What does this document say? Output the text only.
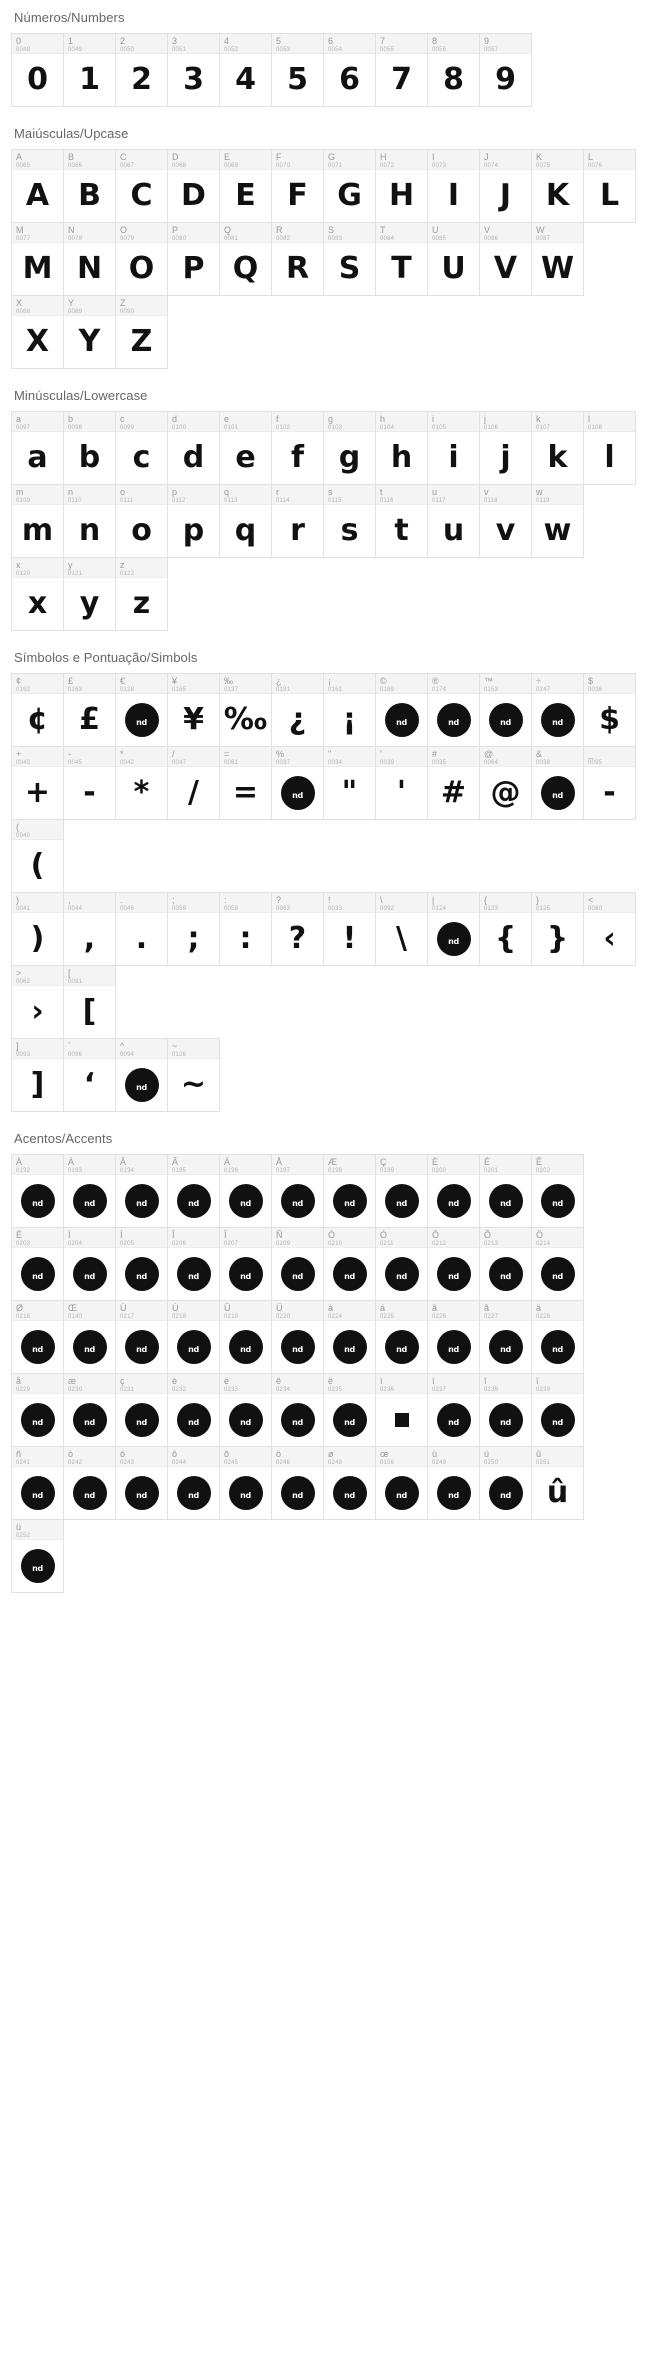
Números/Numbers
0
0048
0
1
0049
1
2
0050
2
3
0051
3
4
0052
4
5
0053
5
6
0054
6
7
0055
7
8
0056
8
9
0057
9
Maiúsculas/Upcase
A
0065
A
B
0066
B
C
0067
C
D
0068
D
E
0069
E
F
0070
F
G
0071
G
H
0072
H
I
0073
I
J
0074
J
K
0075
K
L
0076
L
M
0077
M
N
0078
N
O
0079
O
P
0080
P
Q
0081
Q
R
0082
R
S
0083
S
T
0084
T
U
0085
U
V
0086
V
W
0087
W
X
0088
X
Y
0089
Y
Z
0090
Z
Minúsculas/Lowercase
a
0097
a
b
0098
b
c
0099
c
d
0100
d
e
0101
e
f
0102
f
g
0103
g
h
0104
h
i
0105
i
j
0106
j
k
0107
k
l
0108
l
m
0109
m
n
0110
n
o
0111
o
p
0112
p
q
0113
q
r
0114
r
s
0115
s
t
0116
t
u
0117
u
v
0118
v
w
0119
w
x
0120
x
y
0121
y
z
0122
z
Símbolos e Pontuação/Simbols
¢
0162
¢
£
0163
£
€
0128
¥
0165
¥
‰
0137
‰
¿
0191
¿
¡
0161
¡
©
0169
®
0174
™
0153
÷
0247
$
0036
$
+
0043
+
-
0045
-
*
0042
*
/
0047
/
=
0061
=
%
0037
"
0034
"
'
0039
'
#
0035
#
@
0064
@
&
0038
_
0095
-
(
0040
(
)
0041
)
,
0044
,
.
0046
.
;
0059
;
:
0058
:
?
0063
?
!
0033
!
\
0092
\
|
0124
{
0123
{
}
0125
}
<
0060
‹
>
0062
›
[
0091
[
]
0093
]
`
0096
‘
^
0094
~
0126
~
Acentos/Accents
À
0192
Á
0193
Â
0194
Ã
0195
Ä
0196
Å
0197
Æ
0198
Ç
0199
È
0200
É
0201
Ê
0202
Ë
0203
Ì
0204
Í
0205
Î
0206
Ï
0207
Ñ
0209
Ò
0210
Ó
0211
Ô
0212
Õ
0213
Ö
0214
Ø
0216
Œ
0140
Ù
0217
Ú
0218
Û
0219
Ü
0220
à
0224
á
0225
â
0226
ã
0227
ä
0228
å
0229
æ
0230
ç
0231
è
0232
é
0233
ê
0234
ë
0235
ì
0236
í
0237
î
0238
ï
0239
ñ
0241
ò
0242
ó
0243
ô
0244
õ
0245
ö
0246
ø
0248
œ
0156
ù
0249
ú
0250
û
0251
û
ü
0252
